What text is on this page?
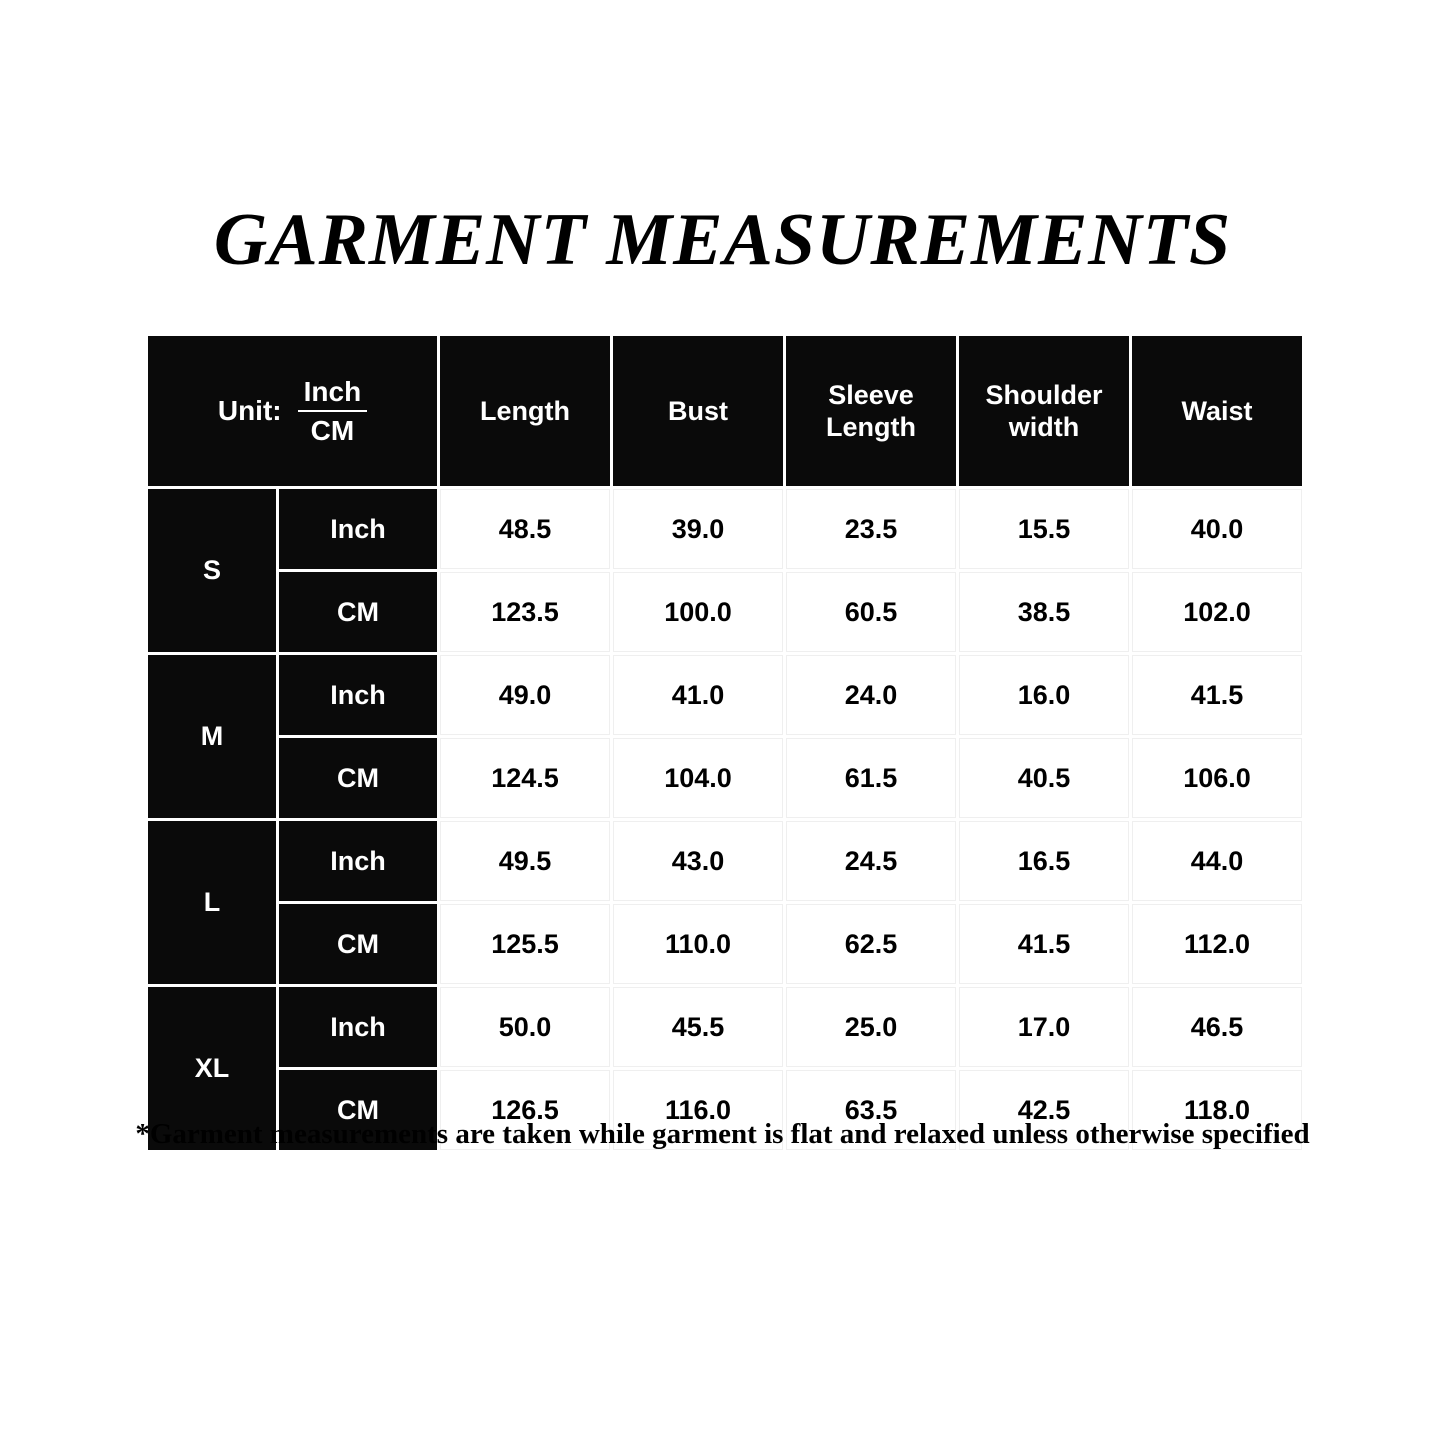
GARMENT MEASUREMENTS
Unit: $\frac{\text{Inch}}{CM}$		Length	Bust	Sleeve Length	Shoulder width	Waist
S	Inch	48.5	39.0	23.5	15.5	40.0
	CM	123.5	100.0	60.5	38.5	102.0
M	Inch	49.0	41.0	24.0	16.0	41.5
	CM	124.5	104.0	61.5	40.5	106.0
L	Inch	49.5	43.0	24.5	16.5	44.0
	CM	125.5	110.0	62.5	41.5	112.0
XL	Inch	50.0	45.5	25.0	17.0	46.5
	CM	126.5	116.0	63.5	42.5	118.0
*Garment measurements are taken while garment is flat and relaxed unless otherwise specified
